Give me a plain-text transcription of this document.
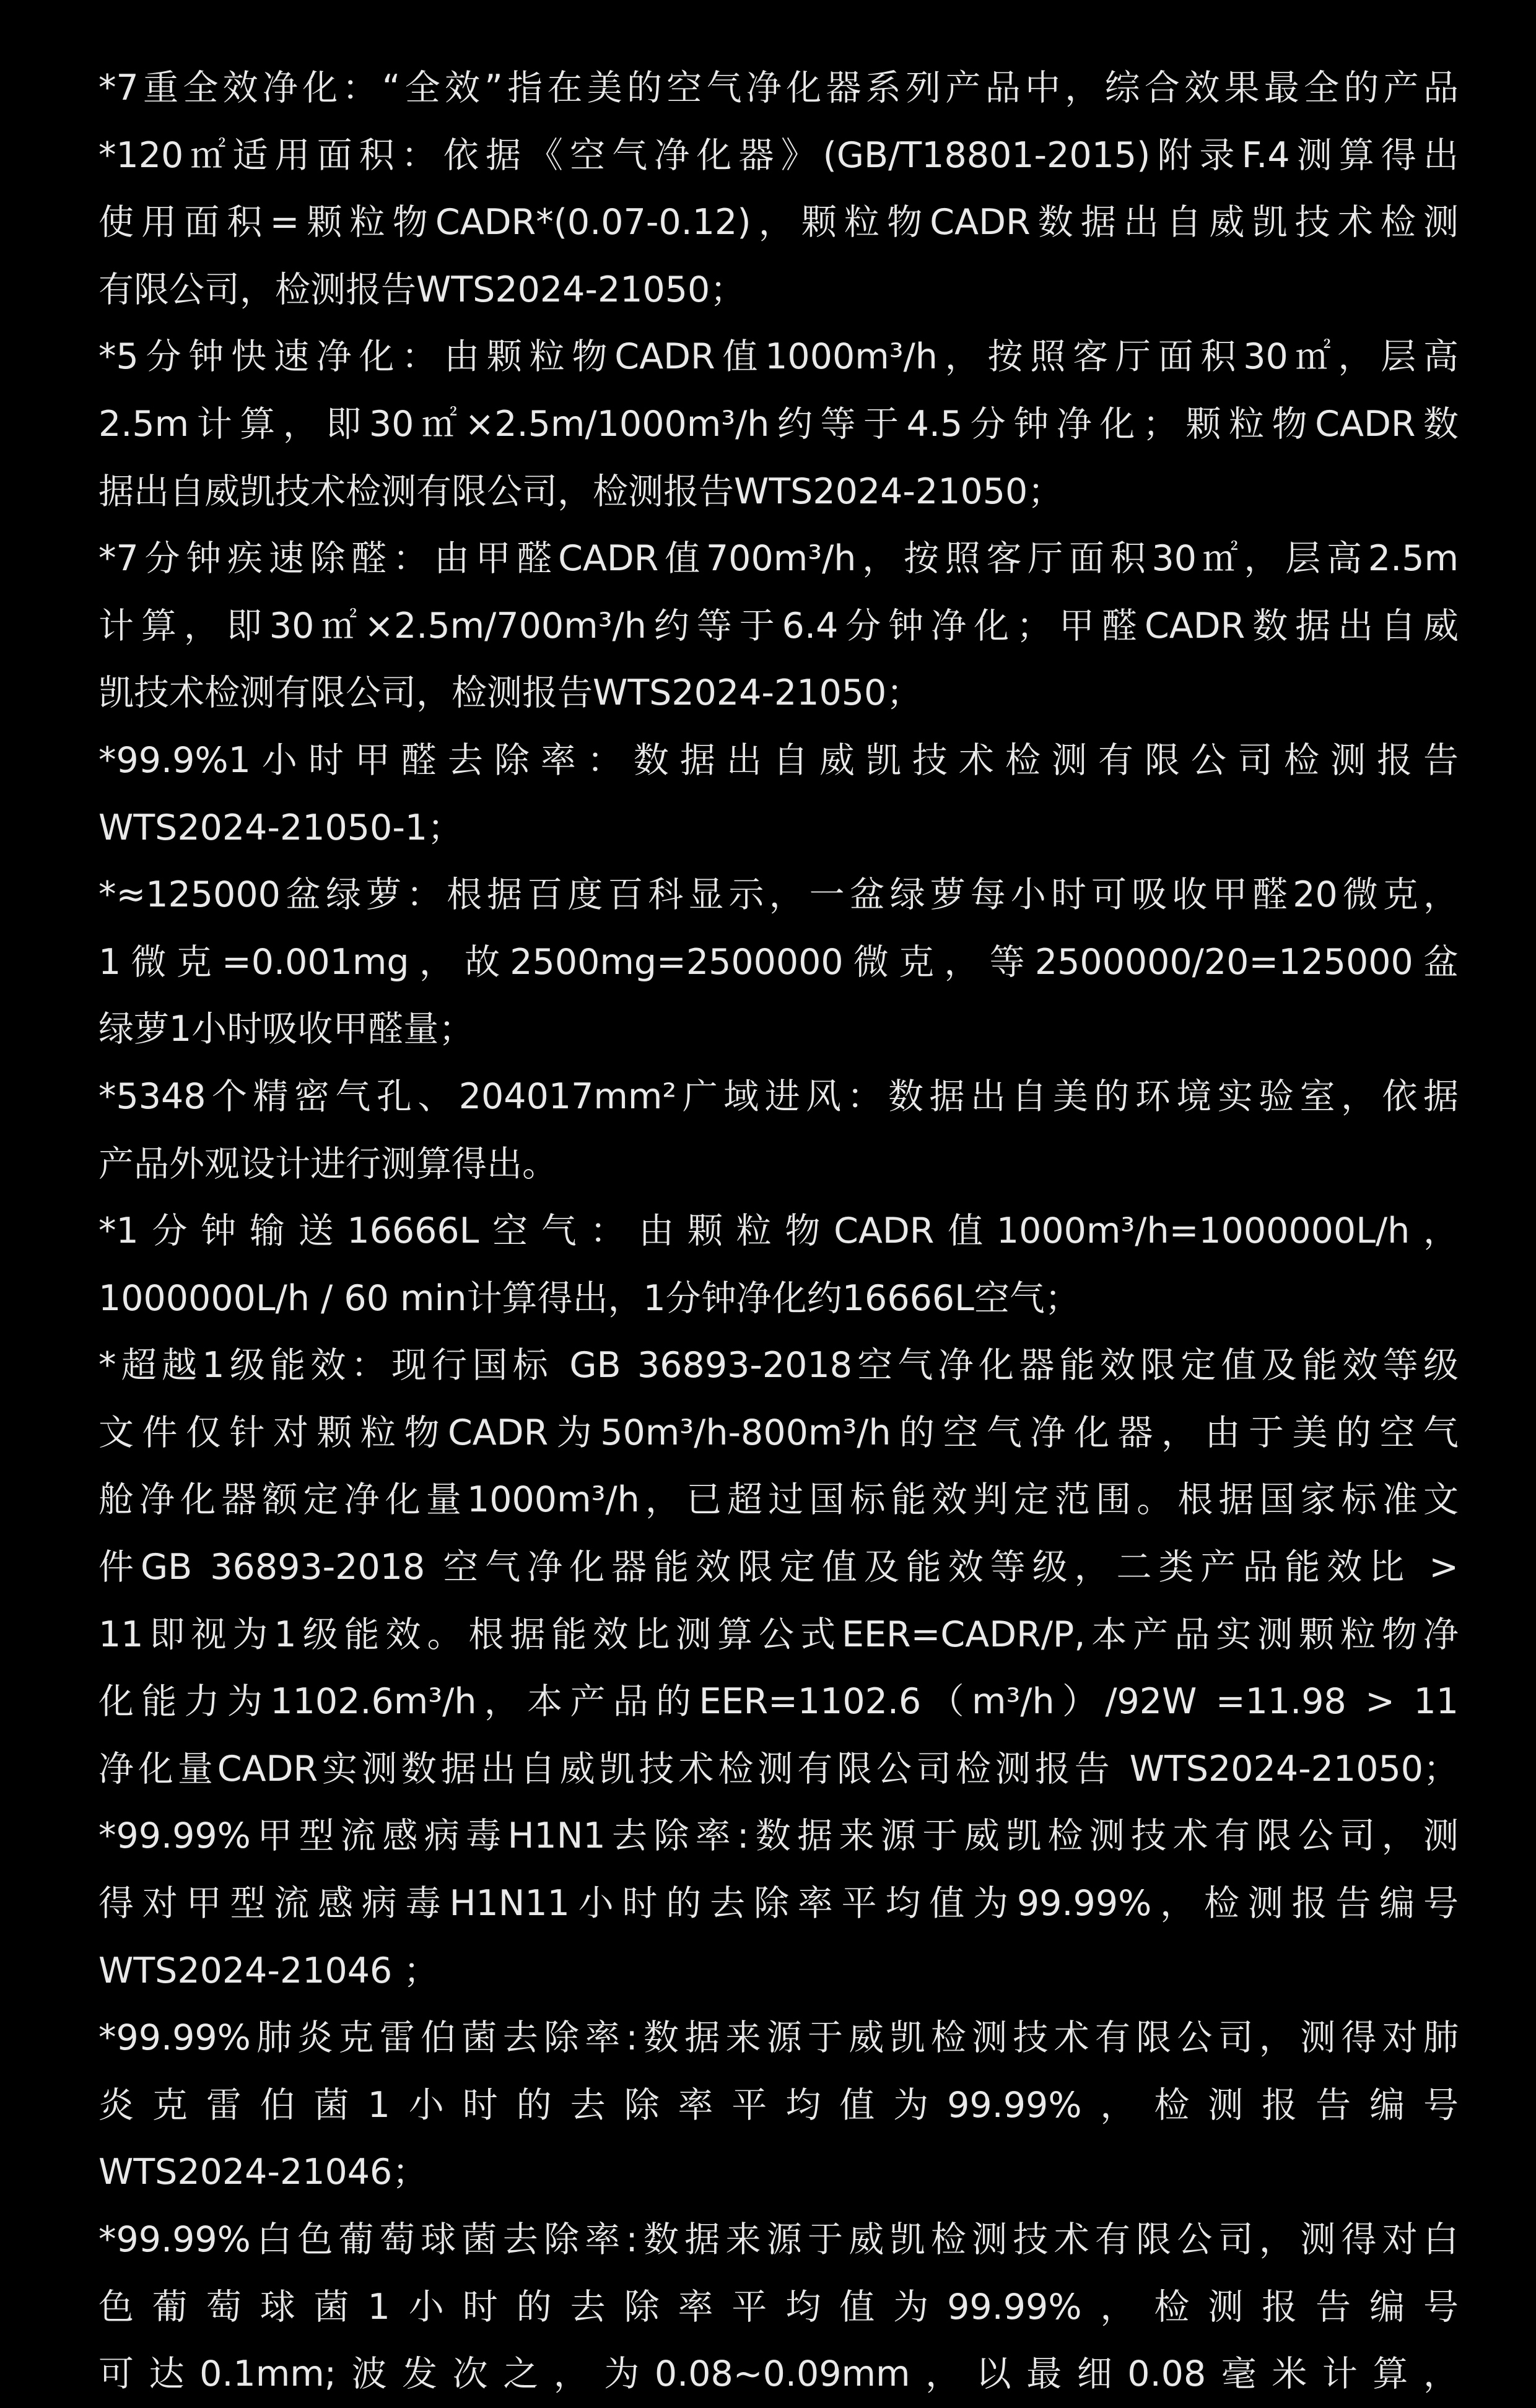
*7重全效净化：“全效”指在美的空气净化器系列产品中，综合效果最全的产品
*120㎡适用面积：依据《空气净化器》(GB/T18801-2015)附录F.4测算得出
使用面积=颗粒物CADR*(0.07-0.12)，颗粒物CADR数据出自威凯技术检测
有限公司，检测报告WTS2024-21050；
*5分钟快速净化：由颗粒物CADR值1000m³/h，按照客厅面积30㎡，层高
2.5m计算，即30㎡×2.5m/1000m³/h约等于4.5分钟净化；颗粒物CADR数
据出自威凯技术检测有限公司，检测报告WTS2024-21050；
*7分钟疾速除醛：由甲醛CADR值700m³/h，按照客厅面积30㎡，层高2.5m
计算，即30㎡×2.5m/700m³/h约等于6.4分钟净化；甲醛CADR数据出自威
凯技术检测有限公司，检测报告WTS2024-21050；
*99.9%1小时甲醛去除率：数据出自威凯技术检测有限公司检测报告
WTS2024-21050-1；
*≈125000盆绿萝：根据百度百科显示，一盆绿萝每小时可吸收甲醛20微克，
1微克=0.001mg，故2500mg=2500000微克，等2500000/20=125000盆
绿萝1小时吸收甲醛量；
*5348个精密气孔、204017mm²广域进风：数据出自美的环境实验室，依据
产品外观设计进行测算得出。
*1分钟输送16666L空气：由颗粒物CADR值1000m³/h=1000000L/h，
1000000L/h / 60 min计算得出，1分钟净化约16666L空气；
*超越1级能效：现行国标 GB 36893-2018空气净化器能效限定值及能效等级
文件仅针对颗粒物CADR为50m³/h-800m³/h的空气净化器，由于美的空气
舱净化器额定净化量1000m³/h，已超过国标能效判定范围。根据国家标准文
件GB 36893-2018 空气净化器能效限定值及能效等级，二类产品能效比 >
11即视为1级能效。根据能效比测算公式EER=CADR/P,本产品实测颗粒物净
化能力为1102.6m³/h，本产品的EER=1102.6（m³/h）/92W =11.98 > 11
净化量CADR实测数据出自威凯技术检测有限公司检测报告 WTS2024-21050；
*99.99%甲型流感病毒H1N1去除率:数据来源于威凯检测技术有限公司，测
得对甲型流感病毒H1N11小时的去除率平均值为99.99%，检测报告编号
WTS2024-21046 ；
*99.99%肺炎克雷伯菌去除率:数据来源于威凯检测技术有限公司，测得对肺
炎克雷伯菌1小时的去除率平均值为99.99%，检测报告编号
WTS2024-21046；
*99.99%白色葡萄球菌去除率:数据来源于威凯检测技术有限公司，测得对白
色葡萄球菌1小时的去除率平均值为99.99%，检测报告编号
可达0.1mm;波发次之，为0.08~0.09mm，以最细0.08毫米计算，
